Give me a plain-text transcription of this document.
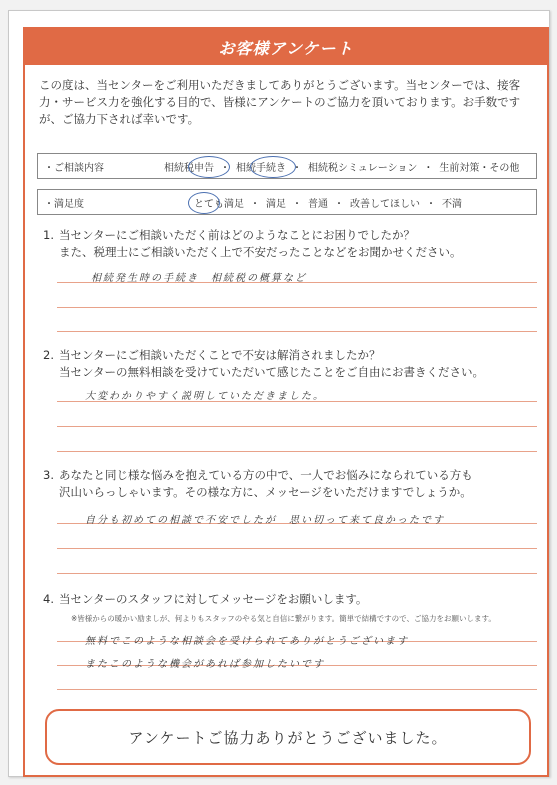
お客様アンケート
この度は、当センターをご利用いただきましてありがとうございます。当センターでは、接客力・サービス力を強化する目的で、皆様にアンケートのご協力を頂いております。お手数ですが、ご協力下されば幸いです。
・ご相談内容	相続税申告 ・ 相続手続き ・ 相続税シミュレーション ・ 生前対策・その他
・満足度	とても満足 ・ 満足 ・ 普通 ・ 改善してほしい ・ 不満
1. 当センターにご相談いただく前はどのようなことにお困りでしたか？
また、税理士にご相談いただく上で不安だったことなどをお聞かせください。
相続発生時の手続き　相続税の概算など
2. 当センターにご相談いただくことで不安は解消されましたか？
当センターの無料相談を受けていただいて感じたことをご自由にお書きください。
大変わかりやすく説明していただきました。
3. あなたと同じ様な悩みを抱えている方の中で、一人でお悩みになられている方も
沢山いらっしゃいます。その様な方に、メッセージをいただけますでしょうか。
自分も初めての相談で不安でしたが　思い切って来て良かったです
4. 当センターのスタッフに対してメッセージをお願いします。
※皆様からの暖かい励ましが、何よりもスタッフのやる気と自信に繋がります。簡単で結構ですので、ご協力をお願いします。
無料でこのような相談会を受けられてありがとうございます
またこのような機会があれば参加したいです
アンケートご協力ありがとうございました。
